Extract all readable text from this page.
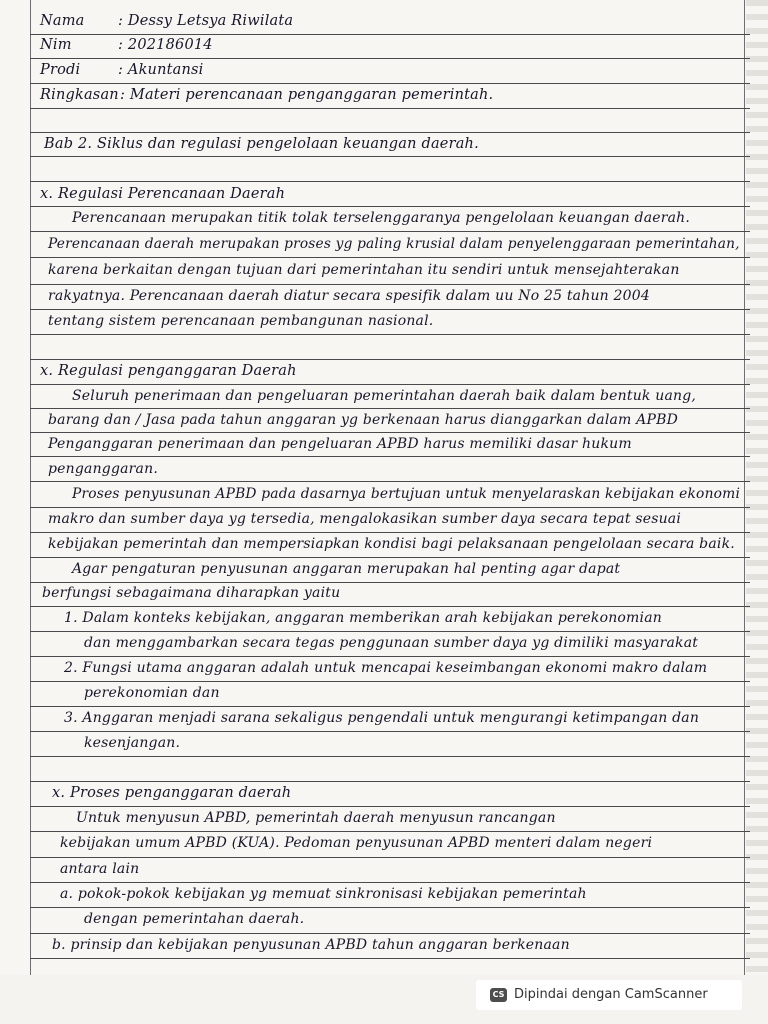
Nama : Dessy Letsya Riwilata
Nim	: 202186014
Prodi	: Akuntansi
Ringkasan : Materi perencanaan penganggaran pemerintah.
Bab 2. Siklus dan regulasi pengelolaan keuangan daerah.
x. Regulasi Perencanaan Daerah
Perencanaan merupakan titik tolak terselenggaranya pengelolaan keuangan daerah.
Perencanaan daerah merupakan proses yg paling krusial dalam penyelenggaraan pemerintahan,
karena berkaitan dengan tujuan dari pemerintahan itu sendiri untuk mensejahterakan
rakyatnya. Perencanaan daerah diatur secara spesifik dalam uu No 25 tahun 2004
tentang sistem perencanaan pembangunan nasional.
x. Regulasi penganggaran Daerah
Seluruh penerimaan dan pengeluaran pemerintahan daerah baik dalam bentuk uang,
barang dan / Jasa pada tahun anggaran yg berkenaan harus dianggarkan dalam APBD
Penganggaran penerimaan dan pengeluaran APBD harus memiliki dasar hukum
penganggaran.
Proses penyusunan APBD pada dasarnya bertujuan untuk menyelaraskan kebijakan ekonomi
makro dan sumber daya yg tersedia, mengalokasikan sumber daya secara tepat sesuai
kebijakan pemerintah dan mempersiapkan kondisi bagi pelaksanaan pengelolaan secara baik.
Agar pengaturan penyusunan anggaran merupakan hal penting agar dapat
berfungsi sebagaimana diharapkan yaitu
1. Dalam konteks kebijakan, anggaran memberikan arah kebijakan perekonomian
dan menggambarkan secara tegas penggunaan sumber daya yg dimiliki masyarakat
2. Fungsi utama anggaran adalah untuk mencapai keseimbangan ekonomi makro dalam
perekonomian dan
3. Anggaran menjadi sarana sekaligus pengendali untuk mengurangi ketimpangan dan
kesenjangan.
x. Proses penganggaran daerah
Untuk menyusun APBD, pemerintah daerah menyusun rancangan
kebijakan umum APBD (KUA). Pedoman penyusunan APBD menteri dalam negeri
antara lain
a. pokok-pokok kebijakan yg memuat sinkronisasi kebijakan pemerintah
dengan pemerintahan daerah.
b. prinsip dan kebijakan penyusunan APBD tahun anggaran berkenaan
CS Dipindai dengan CamScanner
